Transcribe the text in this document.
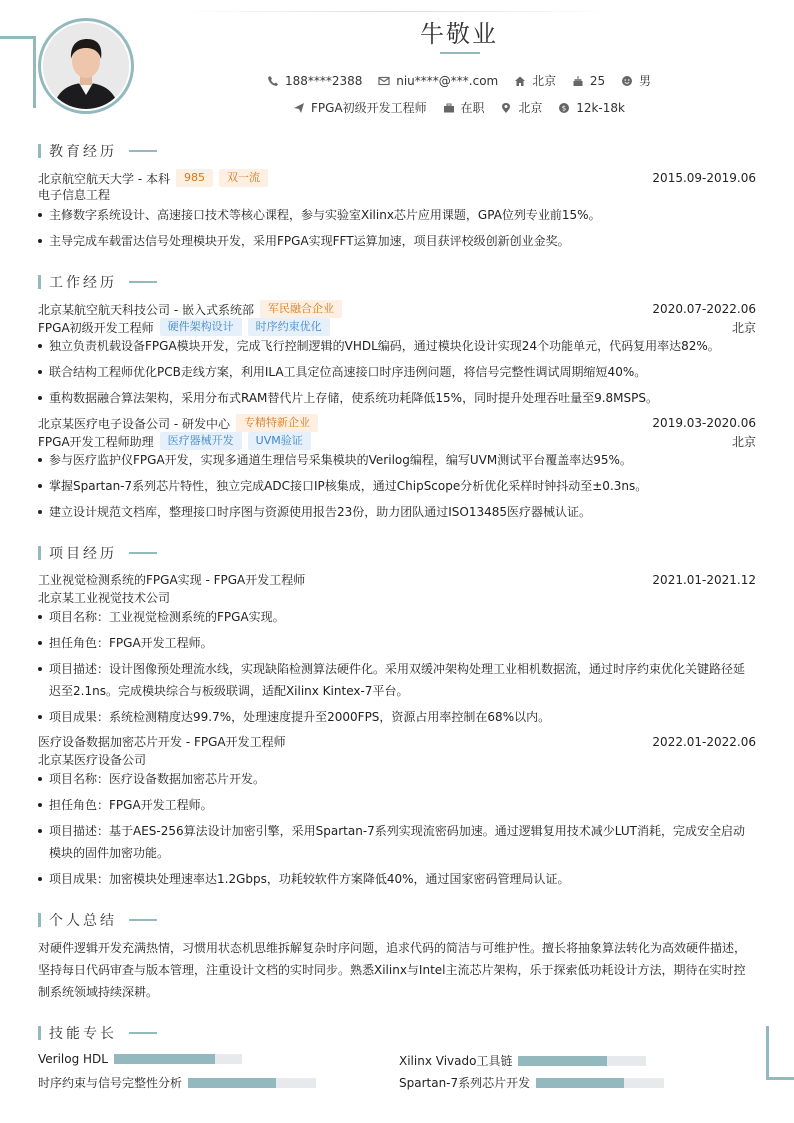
牛敬业
188****2388
	niu****@***.com
	北京
	25
	男
FPGA初级开发工程师
	在职
	北京
	$ 12k-18k
教育经历
北京航空航天大学 - 本科	985	双一流	2015.09-2019.06
电子信息工程
主修数字系统设计、高速接口技术等核心课程，参与实验室Xilinx芯片应用课题，GPA位列专业前15%。
主导完成车载雷达信号处理模块开发，采用FPGA实现FFT运算加速，项目获评校级创新创业金奖。
工作经历
北京某航空航天科技公司 - 嵌入式系统部	军民融合企业	2020.07-2022.06
FPGA初级开发工程师	硬件架构设计	时序约束优化	北京
独立负责机载设备FPGA模块开发，完成飞行控制逻辑的VHDL编码，通过模块化设计实现24个功能单元，代码复用率达82%。
联合结构工程师优化PCB走线方案，利用ILA工具定位高速接口时序违例问题，将信号完整性调试周期缩短40%。
重构数据融合算法架构，采用分布式RAM替代片上存储，使系统功耗降低15%，同时提升处理吞吐量至9.8MSPS。
北京某医疗电子设备公司 - 研发中心	专精特新企业	2019.03-2020.06
FPGA开发工程师助理	医疗器械开发	UVM验证	北京
参与医疗监护仪FPGA开发，实现多通道生理信号采集模块的Verilog编程，编写UVM测试平台覆盖率达95%。
掌握Spartan-7系列芯片特性，独立完成ADC接口IP核集成，通过ChipScope分析优化采样时钟抖动至±0.3ns。
建立设计规范文档库，整理接口时序图与资源使用报告23份，助力团队通过ISO13485医疗器械认证。
项目经历
工业视觉检测系统的FPGA实现 - FPGA开发工程师	2021.01-2021.12
北京某工业视觉技术公司
项目名称：工业视觉检测系统的FPGA实现。
担任角色：FPGA开发工程师。
项目描述：设计图像预处理流水线，实现缺陷检测算法硬件化。采用双缓冲架构处理工业相机数据流，通过时序约束优化关键路径延迟至2.1ns。完成模块综合与板级联调，适配Xilinx Kintex-7平台。
项目成果：系统检测精度达99.7%，处理速度提升至2000FPS，资源占用率控制在68%以内。
医疗设备数据加密芯片开发 - FPGA开发工程师	2022.01-2022.06
北京某医疗设备公司
项目名称：医疗设备数据加密芯片开发。
担任角色：FPGA开发工程师。
项目描述：基于AES-256算法设计加密引擎，采用Spartan-7系列实现流密码加速。通过逻辑复用技术减少LUT消耗，完成安全启动模块的固件加密功能。
项目成果：加密模块处理速率达1.2Gbps，功耗较软件方案降低40%，通过国家密码管理局认证。
个人总结
对硬件逻辑开发充满热情，习惯用状态机思维拆解复杂时序问题，追求代码的简洁与可维护性。擅长将抽象算法转化为高效硬件描述，坚持每日代码审查与版本管理，注重设计文档的实时同步。熟悉Xilinx与Intel主流芯片架构，乐于探索低功耗设计方法，期待在实时控制系统领域持续深耕。
技能专长
Verilog HDL	Xilinx Vivado工具链
时序约束与信号完整性分析	Spartan-7系列芯片开发
